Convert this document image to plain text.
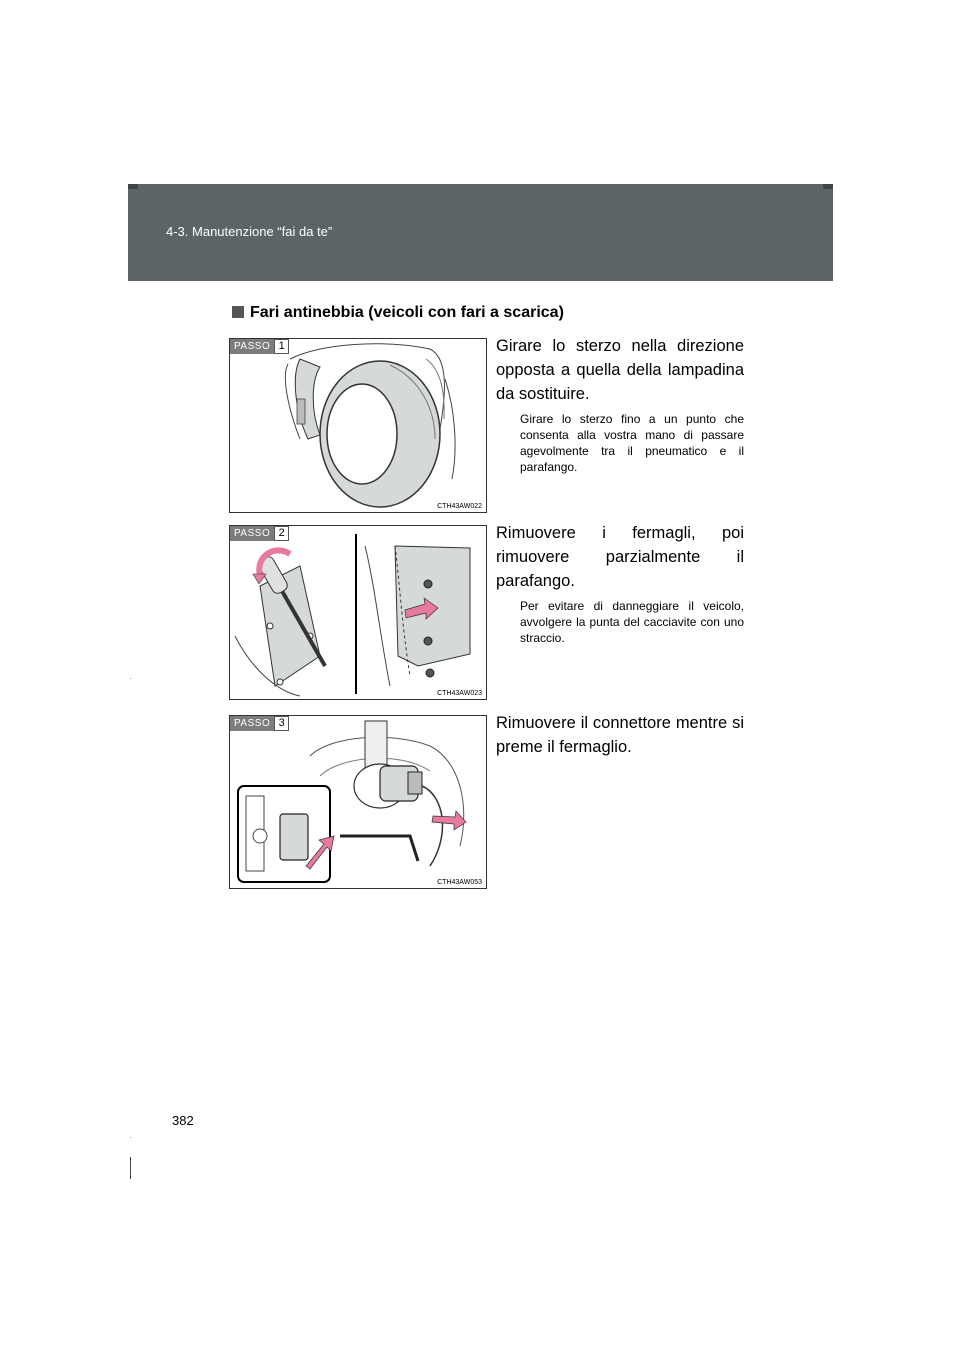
4-3. Manutenzione “fai da te”
Fari antinebbia (veicoli con fari a scarica)
PASSO 1
CTH43AW022
Girare lo sterzo nella direzione opposta a quella della lampadina da sostituire.
Girare lo sterzo fino a un punto che consenta alla vostra mano di passare agevolmente tra il pneumatico e il parafango.
PASSO 2
CTH43AW023
Rimuovere i fermagli, poi rimuovere parzialmente il parafango.
Per evitare di danneggiare il veicolo, avvolgere la punta del cacciavite con uno straccio.
PASSO 3
CTH43AW053
Rimuovere il connettore mentre si preme il fermaglio.
382
